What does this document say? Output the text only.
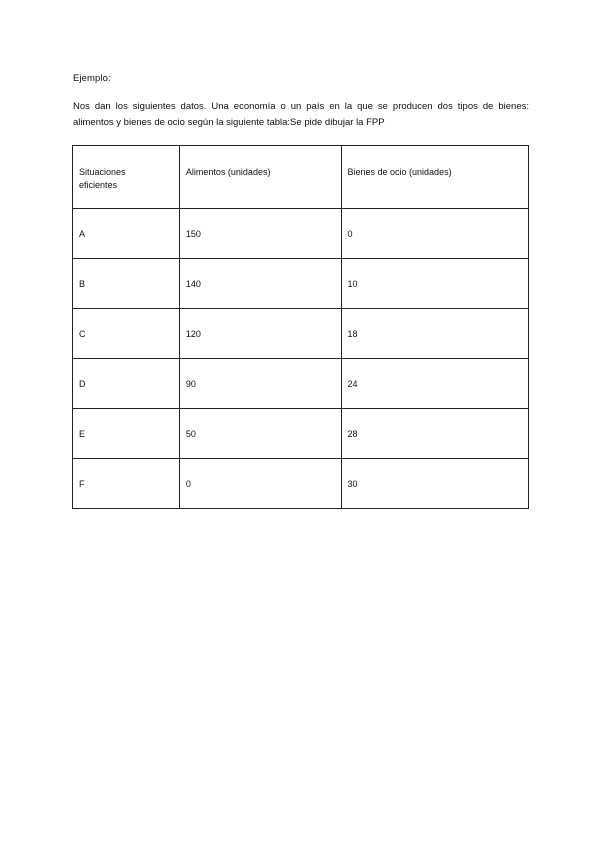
Ejemplo:
Nos dan los siguientes datos. Una economía o un país en la que se producen dos tipos de bienes: alimentos y bienes de ocio según la siguiente tabla:Se pide dibujar la FPP
Situaciones eficientes	Alimentos (unidades)	Bienes de ocio (unidades)
A	150	0
B	140	10
C	120	18
D	90	24
E	50	28
F	0	30
